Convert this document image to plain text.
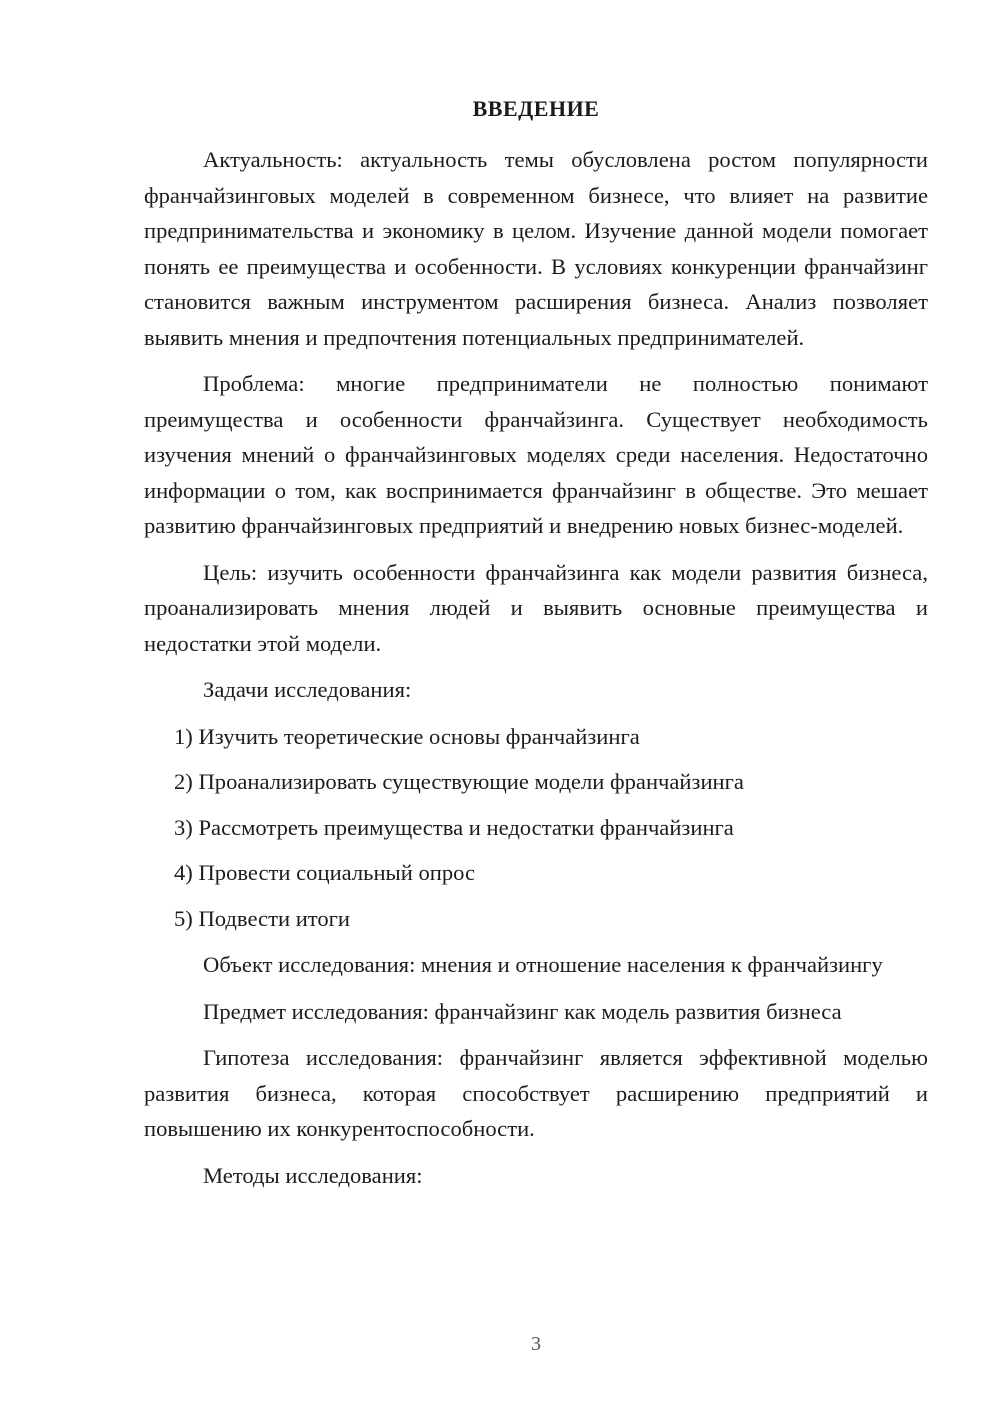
ВВЕДЕНИЕ

Актуальность: актуальность темы обусловлена ростом популярности франчайзинговых моделей в современном бизнесе, что влияет на развитие предпринимательства и экономику в целом. Изучение данной модели помогает понять ее преимущества и особенности. В условиях конкуренции франчайзинг становится важным инструментом расширения бизнеса. Анализ позволяет выявить мнения и предпочтения потенциальных предпринимателей.

Проблема: многие предприниматели не полностью понимают преимущества и особенности франчайзинга. Существует необходимость изучения мнений о франчайзинговых моделях среди населения. Недостаточно информации о том, как воспринимается франчайзинг в обществе. Это мешает развитию франчайзинговых предприятий и внедрению новых бизнес-моделей.

Цель: изучить особенности франчайзинга как модели развития бизнеса, проанализировать мнения людей и выявить основные преимущества и недостатки этой модели.

Задачи исследования:

1) Изучить теоретические основы франчайзинга
2) Проанализировать существующие модели франчайзинга
3) Рассмотреть преимущества и недостатки франчайзинга
4) Провести социальный опрос
5) Подвести итоги

Объект исследования: мнения и отношение населения к франчайзингу

Предмет исследования: франчайзинг как модель развития бизнеса

Гипотеза исследования: франчайзинг является эффективной моделью развития бизнеса, которая способствует расширению предприятий и повышению их конкурентоспособности.

Методы исследования:

3
